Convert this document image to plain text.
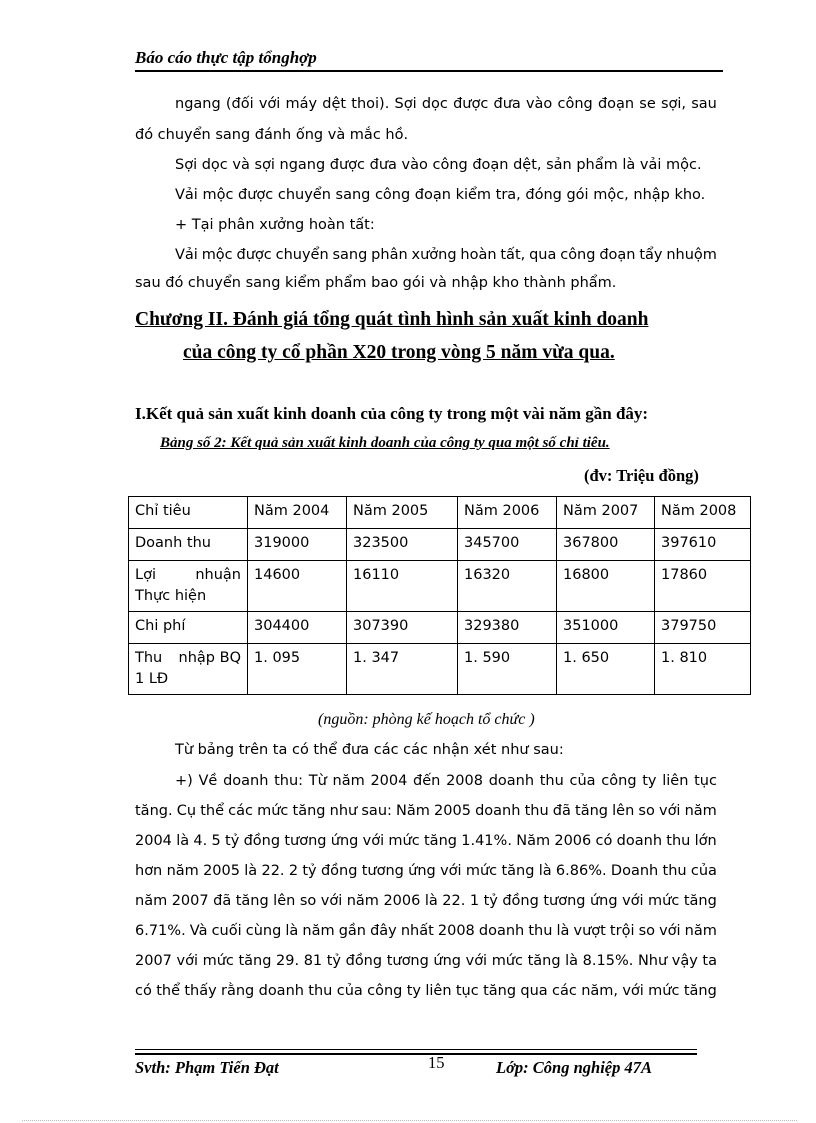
Báo cáo thực tập tổnghợp
ngang (đối với máy dệt thoi). Sợi dọc được đưa vào công đoạn se sợi, sau
đó chuyển sang đánh ống và mắc hồ.
Sợi dọc và sợi ngang được đưa vào công đoạn dệt, sản phẩm là vải mộc.
Vải mộc được chuyển sang công đoạn kiểm tra, đóng gói mộc, nhập kho.
+ Tại phân xưởng hoàn tất:
Vải mộc được chuyển sang phân xưởng hoàn tất, qua công đoạn tẩy nhuộm
sau đó chuyển sang kiểm phẩm bao gói và nhập kho thành phẩm.
Chương II. Đánh giá tổng quát tình hình sản xuất kinh doanh
của công ty cổ phần X20 trong vòng 5 năm vừa qua.
I.Kết quả sản xuất kinh doanh của công ty trong một vài năm gần đây:
Bảng số 2: Kết quả sản xuất kinh doanh của công ty qua một số chỉ tiêu.
(đv: Triệu đồng)
Chỉ tiêu	Năm 2004	Năm 2005	Năm 2006	Năm 2007	Năm 2008
Doanh thu	319000	323500	345700	367800	397610

Lợi nhuận
Thực hiện	14600	16110	16320	16800	17860
Chi phí	304400	307390	329380	351000	379750

Thu nhập BQ
1 LĐ	1. 095	1. 347	1. 590	1. 650	1. 810
(nguồn: phòng kế hoạch tổ chức )
Từ bảng trên ta có thể đưa các các nhận xét như sau:
+) Về doanh thu: Từ năm 2004 đến 2008 doanh thu của công ty liên tục
tăng. Cụ thể các mức tăng như sau: Năm 2005 doanh thu đã tăng lên so với năm
2004 là 4. 5 tỷ đồng tương ứng với mức tăng 1.41%. Năm 2006 có doanh thu lớn
hơn năm 2005 là 22. 2 tỷ đồng tương ứng với mức tăng là 6.86%. Doanh thu của
năm 2007 đã tăng lên so với năm 2006 là 22. 1 tỷ đồng tương ứng với mức tăng
6.71%. Và cuối cùng là năm gần đây nhất 2008 doanh thu là vượt trội so với năm
2007 với mức tăng 29. 81 tỷ đồng tương ứng với mức tăng là 8.15%. Như vậy ta
có thể thấy rằng doanh thu của công ty liên tục tăng qua các năm, với mức tăng
Svth: Phạm Tiến Đạt	15	Lớp: Công nghiệp 47A
